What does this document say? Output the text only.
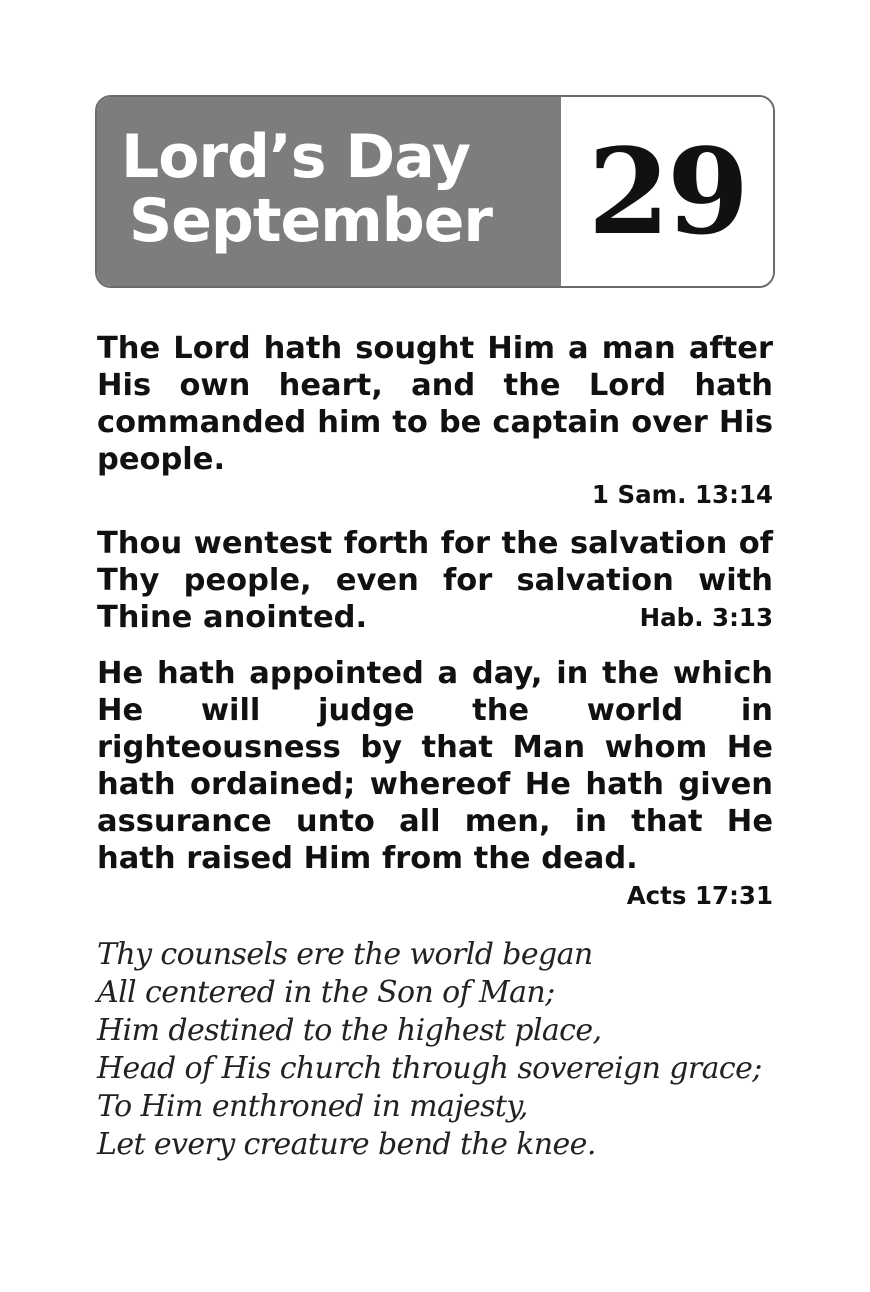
Lord’s Day
September 29

The Lord hath sought Him a man after His own heart, and the Lord hath commanded him to be captain over His people.

1 Sam. 13:14

Thou wentest forth for the salvation of Thy people, even for salvation with Thine anointed.	Hab. 3:13

He hath appointed a day, in the which He will judge the world in righteousness by that Man whom He hath ordained; whereof He hath given assurance unto all men, in that He hath raised Him from the dead.
Acts 17:31

Thy counsels ere the world began
All centered in the Son of Man;
Him destined to the highest place,
Head of His church through sovereign grace;
To Him enthroned in majesty,
Let every creature bend the knee.
